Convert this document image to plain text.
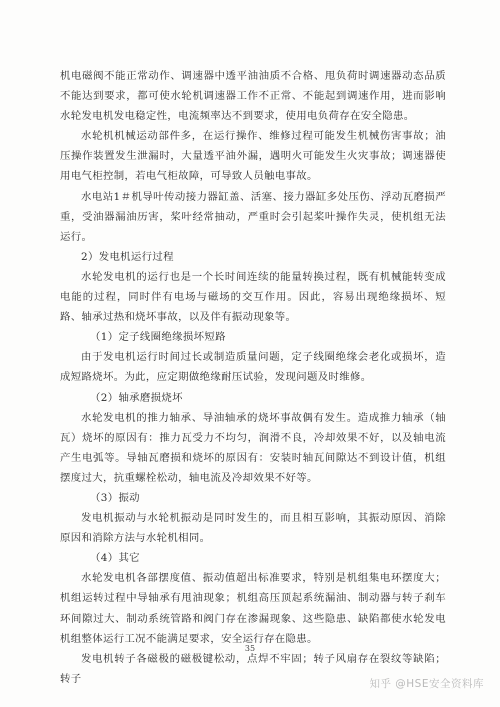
机电磁阀不能正常动作、调速器中透平油油质不合格、甩负荷时调速器动态品质不能达到要求，都可使水轮机调速器工作不正常、不能起到调速作用，进而影响水轮发电机发电稳定性，电流频率达不到要求，使用电负荷存在安全隐患。

水轮机机械运动部件多，在运行操作、维修过程可能发生机械伤害事故；油压操作装置发生泄漏时，大量透平油外漏，遇明火可能发生火灾事故；调速器使用电气柜控制，若电气柜故障，可导致人员触电事故。

水电站1＃机导叶传动接力器缸盖、活塞、接力器缸多处压伤、浮动瓦磨损严重，受油器漏油历害，桨叶经常抽动，严重时会引起桨叶操作失灵，使机组无法运行。

2）发电机运行过程

水轮发电机的运行也是一个长时间连续的能量转换过程，既有机械能转变成电能的过程，同时伴有电场与磁场的交互作用。因此，容易出现绝缘损坏、短路、轴承过热和烧坏事故，以及伴有振动现象等。

（1）定子线圈绝缘损坏短路

由于发电机运行时间过长或制造质量问题，定子线圈绝缘会老化或损坏，造成短路烧坏。为此，应定期做绝缘耐压试验，发现问题及时维修。

（2）轴承磨损烧坏

水轮发电机的推力轴承、导油轴承的烧坏事故偶有发生。造成推力轴承（轴瓦）烧坏的原因有：推力瓦受力不均匀，润滑不良，冷却效果不好，以及轴电流产生电弧等。导轴瓦磨损和烧坏的原因有：安装时轴瓦间隙达不到设计值，机组摆度过大，抗重螺栓松动，轴电流及冷却效果不好等。

（3）振动

发电机振动与水轮机振动是同时发生的，而且相互影响，其振动原因、消除原因和消除方法与水轮机相同。

（4）其它

水轮发电机各部摆度值、振动值超出标准要求，特别是机组集电环摆度大；机组运转过程中导轴承有甩油现象；机组高压顶起系统漏油、制动器与转子刹车环间隙过大、制动系统管路和阀门存在渗漏现象、这些隐患、缺陷都使水轮发电机组整体运行工况不能满足要求，安全运行存在隐患。

发电机转子各磁极的磁极键松动，点焊不牢固；转子风扇存在裂纹等缺陷；转子

35
知乎 @HSE安全资料库
